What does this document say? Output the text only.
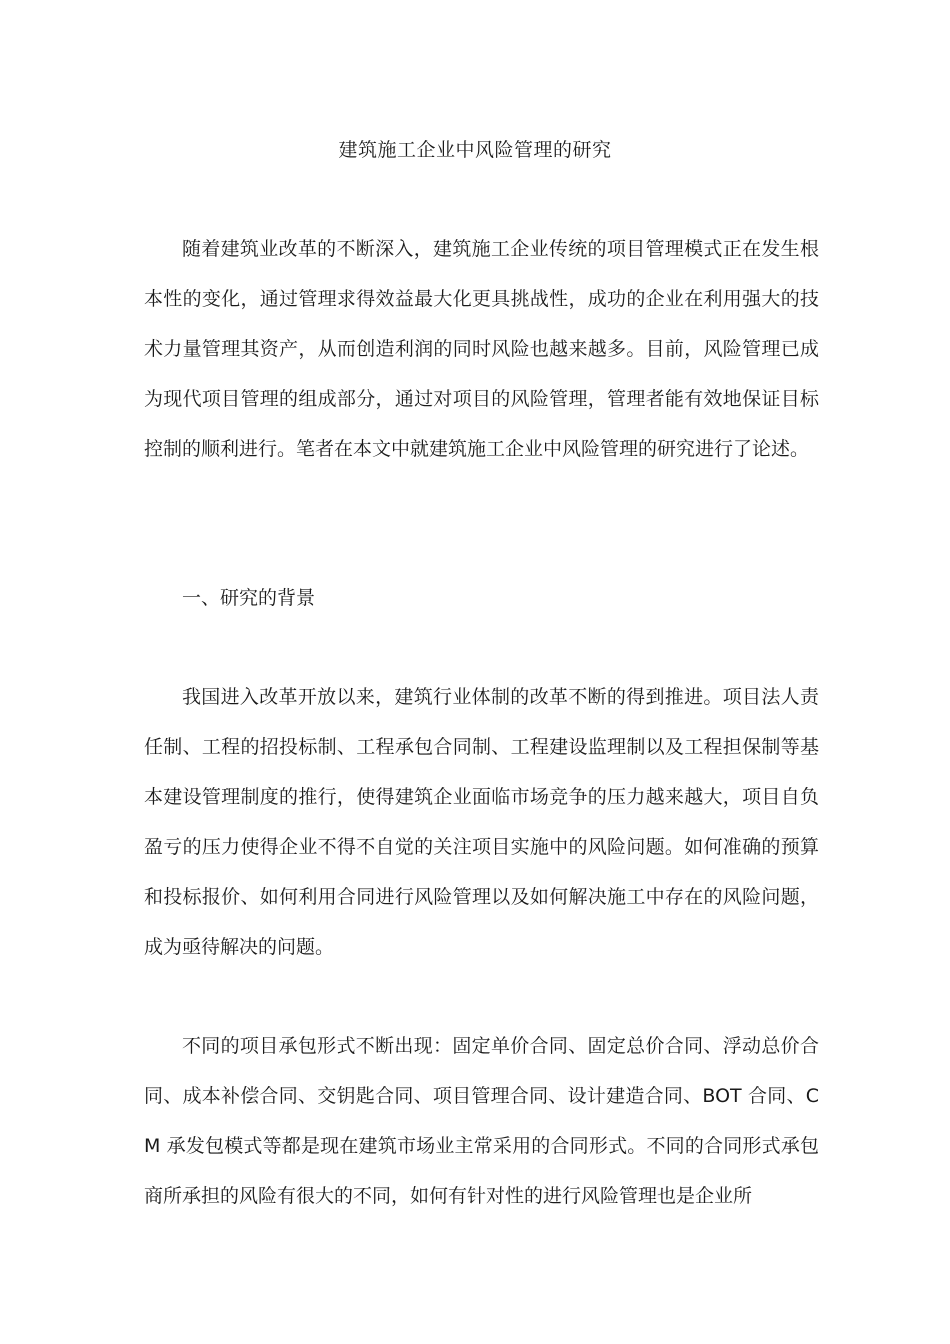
建筑施工企业中风险管理的研究

随着建筑业改革的不断深入，建筑施工企业传统的项目管理模式正在发生根本性的变化，通过管理求得效益最大化更具挑战性，成功的企业在利用强大的技术力量管理其资产，从而创造利润的同时风险也越来越多。目前，风险管理已成为现代项目管理的组成部分，通过对项目的风险管理，管理者能有效地保证目标控制的顺利进行。笔者在本文中就建筑施工企业中风险管理的研究进行了论述。

一、研究的背景

我国进入改革开放以来，建筑行业体制的改革不断的得到推进。项目法人责任制、工程的招投标制、工程承包合同制、工程建设监理制以及工程担保制等基本建设管理制度的推行，使得建筑企业面临市场竞争的压力越来越大，项目自负盈亏的压力使得企业不得不自觉的关注项目实施中的风险问题。如何准确的预算和投标报价、如何利用合同进行风险管理以及如何解决施工中存在的风险问题，成为亟待解决的问题。

不同的项目承包形式不断出现：固定单价合同、固定总价合同、浮动总价合同、成本补偿合同、交钥匙合同、项目管理合同、设计建造合同、BOT 合同、CM 承发包模式等都是现在建筑市场业主常采用的合同形式。不同的合同形式承包商所承担的风险有很大的不同，如何有针对性的进行风险管理也是企业所
